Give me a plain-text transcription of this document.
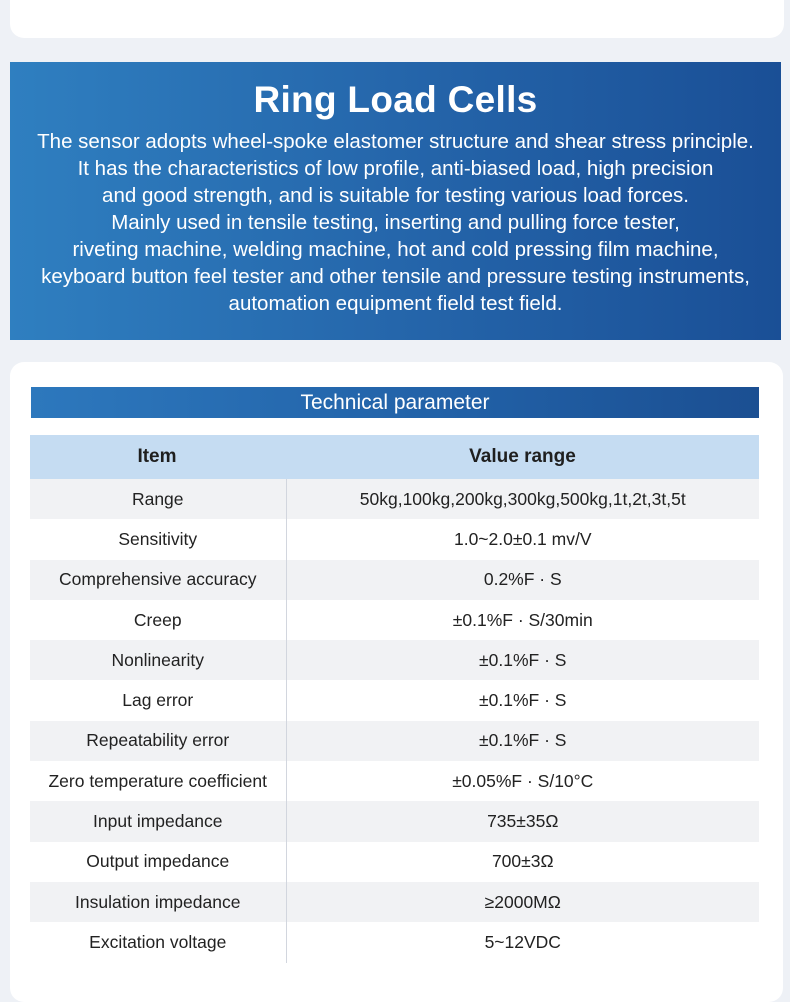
Ring Load Cells

The sensor adopts wheel-spoke elastomer structure and shear stress principle.
It has the characteristics of low profile, anti-biased load, high precision
and good strength, and is suitable for testing various load forces.
Mainly used in tensile testing, inserting and pulling force tester,
riveting machine, welding machine, hot and cold pressing film machine,
keyboard button feel tester and other tensile and pressure testing instruments,
automation equipment field test field.

Technical parameter
Item	Value range
Range	50kg,100kg,200kg,300kg,500kg,1t,2t,3t,5t
Sensitivity	1.0~2.0±0.1 mv/V
Comprehensive accuracy	0.2%F · S
Creep	±0.1%F · S/30min
Nonlinearity	±0.1%F · S
Lag error	±0.1%F · S
Repeatability error	±0.1%F · S
Zero temperature coefficient	±0.05%F · S/10°C
Input impedance	735±35Ω
Output impedance	700±3Ω
Insulation impedance	≥2000MΩ
Excitation voltage	5~12VDC
